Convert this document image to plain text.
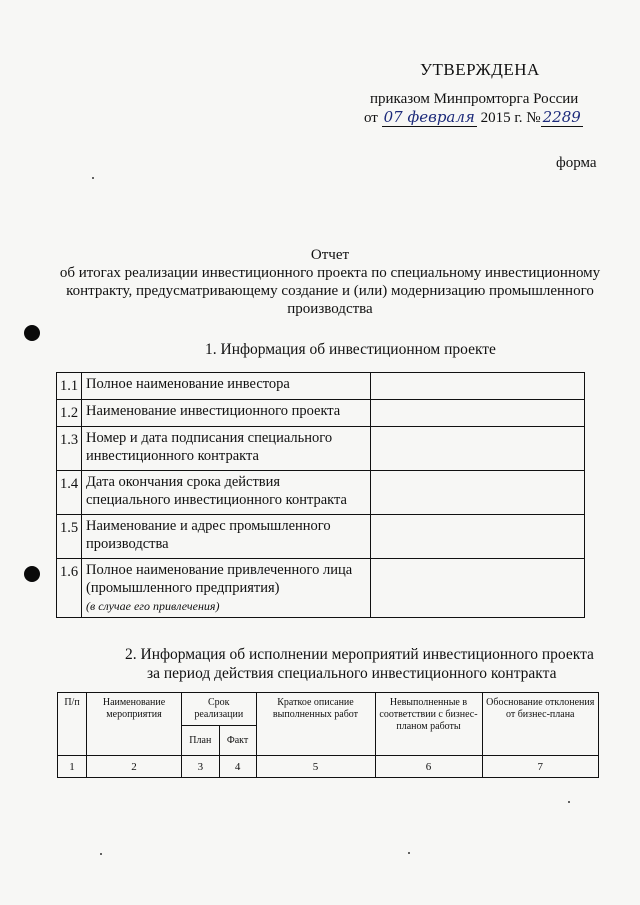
УТВЕРЖДЕНА
приказом Минпромторга России
от 07 февраля 2015 г. № 2289
форма
Отчет
об итогах реализации инвестиционного проекта по специальному инвестиционному
контракту, предусматривающему создание и (или) модернизацию промышленного
производства
1. Информация об инвестиционном проекте
1.1	Полное наименование инвестора	
1.2	Наименование инвестиционного проекта	
1.3	Номер и дата подписания специального инвестиционного контракта	
1.4	Дата окончания срока действия специального инвестиционного контракта	
1.5	Наименование и адрес промышленного производства	
1.6	Полное наименование привлеченного лица (промышленного предприятия)
(в случае его привлечения)	
2. Информация об исполнении мероприятий инвестиционного проекта
за период действия специального инвестиционного контракта
П/п	Наименование мероприятия	Срок реализации		Краткое описание выполненных работ	Невыполненные в соответствии с бизнес-планом работы	Обоснование отклонения от бизнес-плана
		План	Факт			
1	2	3	4	5	6	7
